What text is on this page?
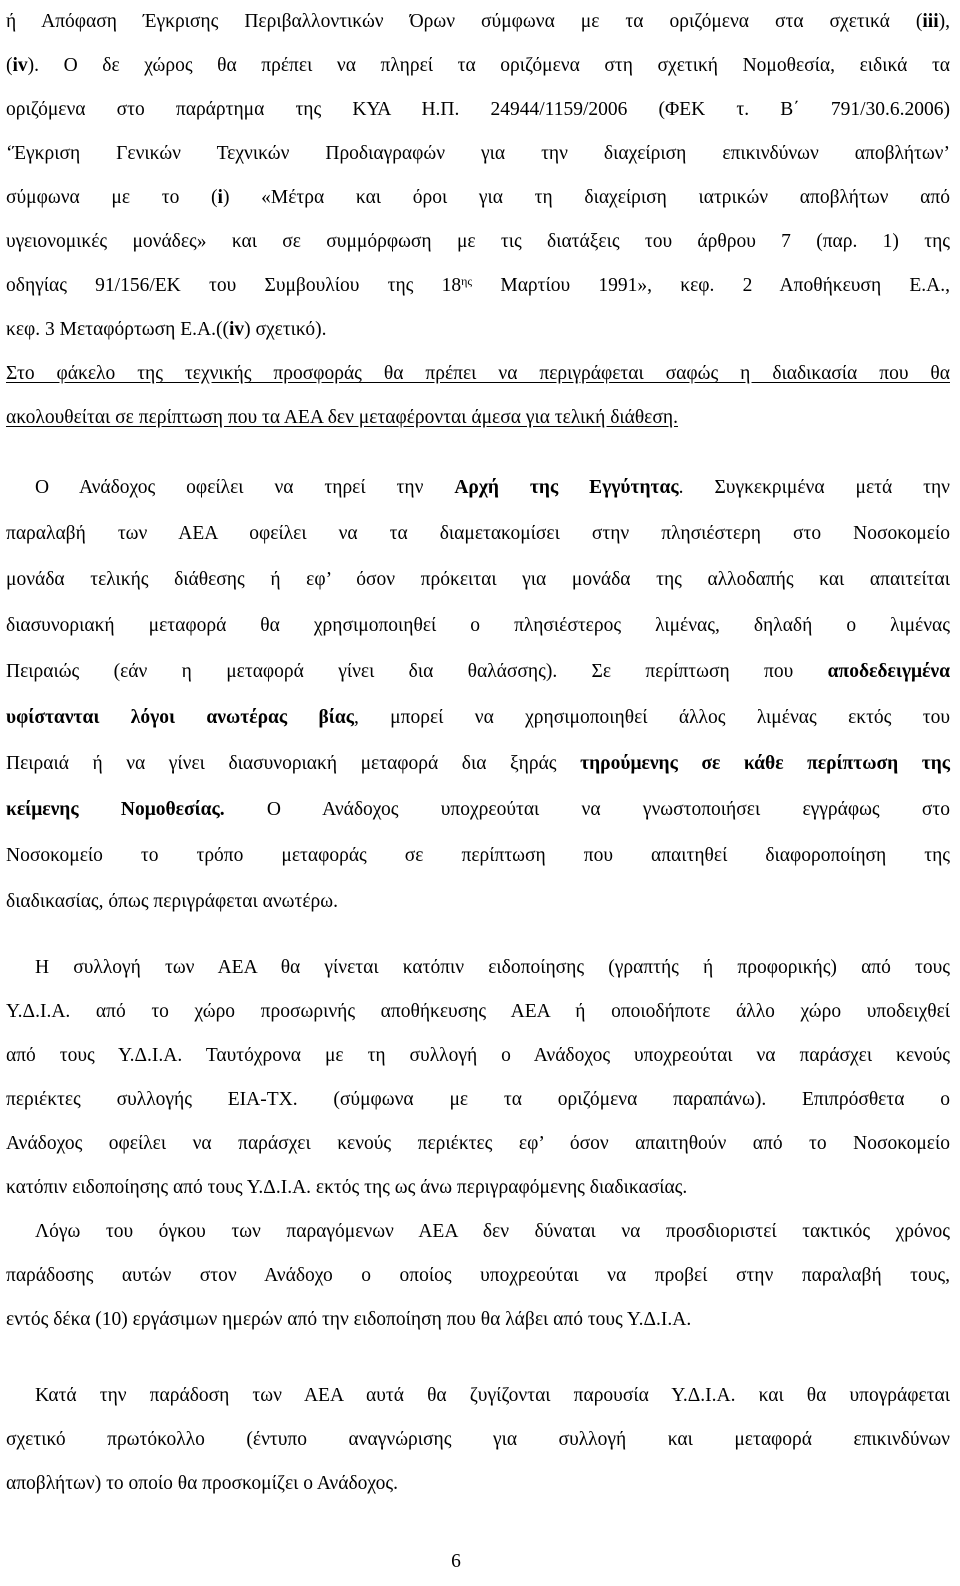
ή Απόφαση Έγκρισης Περιβαλλοντικών Όρων σύμφωνα με τα οριζόμενα στα σχετικά (iii),
(iv). Ο δε χώρος θα πρέπει να πληρεί τα οριζόμενα στη σχετική Νομοθεσία, ειδικά τα
οριζόμενα στο παράρτημα της ΚΥΑ Η.Π. 24944/1159/2006 (ΦΕΚ τ. Β΄ 791/30.6.2006)
‘Έγκριση Γενικών Τεχνικών Προδιαγραφών για την διαχείριση επικινδύνων αποβλήτων’
σύμφωνα με το (i) «Μέτρα και όροι για τη διαχείριση ιατρικών αποβλήτων από
υγειονομικές μονάδες» και σε συμμόρφωση με τις διατάξεις του άρθρου 7 (παρ. 1) της
οδηγίας 91/156/ΕΚ του Συμβουλίου της $18^{\eta\varsigma}$ Μαρτίου 1991», κεφ. 2 Αποθήκευση Ε.Α.,
κεφ. 3 Μεταφόρτωση Ε.Α.((iv) σχετικό).
Στο φάκελο της τεχνικής προσφοράς θα πρέπει να περιγράφεται σαφώς η διαδικασία που θα
ακολουθείται σε περίπτωση που τα ΑΕΑ δεν μεταφέρονται άμεσα για τελική διάθεση.
Ο Ανάδοχος οφείλει να τηρεί την Αρχή της Εγγύτητας. Συγκεκριμένα μετά την
παραλαβή των ΑΕΑ οφείλει να τα διαμετακομίσει στην πλησιέστερη στο Νοσοκομείο
μονάδα τελικής διάθεσης ή εφ’ όσον πρόκειται για μονάδα της αλλοδαπής και απαιτείται
διασυνοριακή μεταφορά θα χρησιμοποιηθεί ο πλησιέστερος λιμένας, δηλαδή ο λιμένας
Πειραιώς (εάν η μεταφορά γίνει δια θαλάσσης). Σε περίπτωση που αποδεδειγμένα
υφίστανται λόγοι ανωτέρας βίας, μπορεί να χρησιμοποιηθεί άλλος λιμένας εκτός του
Πειραιά ή να γίνει διασυνοριακή μεταφορά δια ξηράς τηρούμενης σε κάθε περίπτωση της
κείμενης Νομοθεσίας. Ο Ανάδοχος υποχρεούται να γνωστοποιήσει εγγράφως στο
Νοσοκομείο το τρόπο μεταφοράς σε περίπτωση που απαιτηθεί διαφοροποίηση της
διαδικασίας, όπως περιγράφεται ανωτέρω.
Η συλλογή των ΑΕΑ θα γίνεται κατόπιν ειδοποίησης (γραπτής ή προφορικής) από τους
Υ.Δ.Ι.Α. από το χώρο προσωρινής αποθήκευσης ΑΕΑ ή οποιοδήποτε άλλο χώρο υποδειχθεί
από τους Υ.Δ.Ι.Α. Ταυτόχρονα με τη συλλογή ο Ανάδοχος υποχρεούται να παράσχει κενούς
περιέκτες συλλογής ΕΙΑ-ΤΧ. (σύμφωνα με τα οριζόμενα παραπάνω). Επιπρόσθετα ο
Ανάδοχος οφείλει να παράσχει κενούς περιέκτες εφ’ όσον απαιτηθούν από το Νοσοκομείο
κατόπιν ειδοποίησης από τους Υ.Δ.Ι.Α. εκτός της ως άνω περιγραφόμενης διαδικασίας.
Λόγω του όγκου των παραγόμενων ΑΕΑ δεν δύναται να προσδιοριστεί τακτικός χρόνος
παράδοσης αυτών στον Ανάδοχο ο οποίος υποχρεούται να προβεί στην παραλαβή τους,
εντός δέκα (10) εργάσιμων ημερών από την ειδοποίηση που θα λάβει από τους Υ.Δ.Ι.Α.
Κατά την παράδοση των ΑΕΑ αυτά θα ζυγίζονται παρουσία Υ.Δ.Ι.Α. και θα υπογράφεται
σχετικό πρωτόκολλο (έντυπο αναγνώρισης για συλλογή και μεταφορά επικινδύνων
αποβλήτων) το οποίο θα προσκομίζει ο Ανάδοχος.
6
